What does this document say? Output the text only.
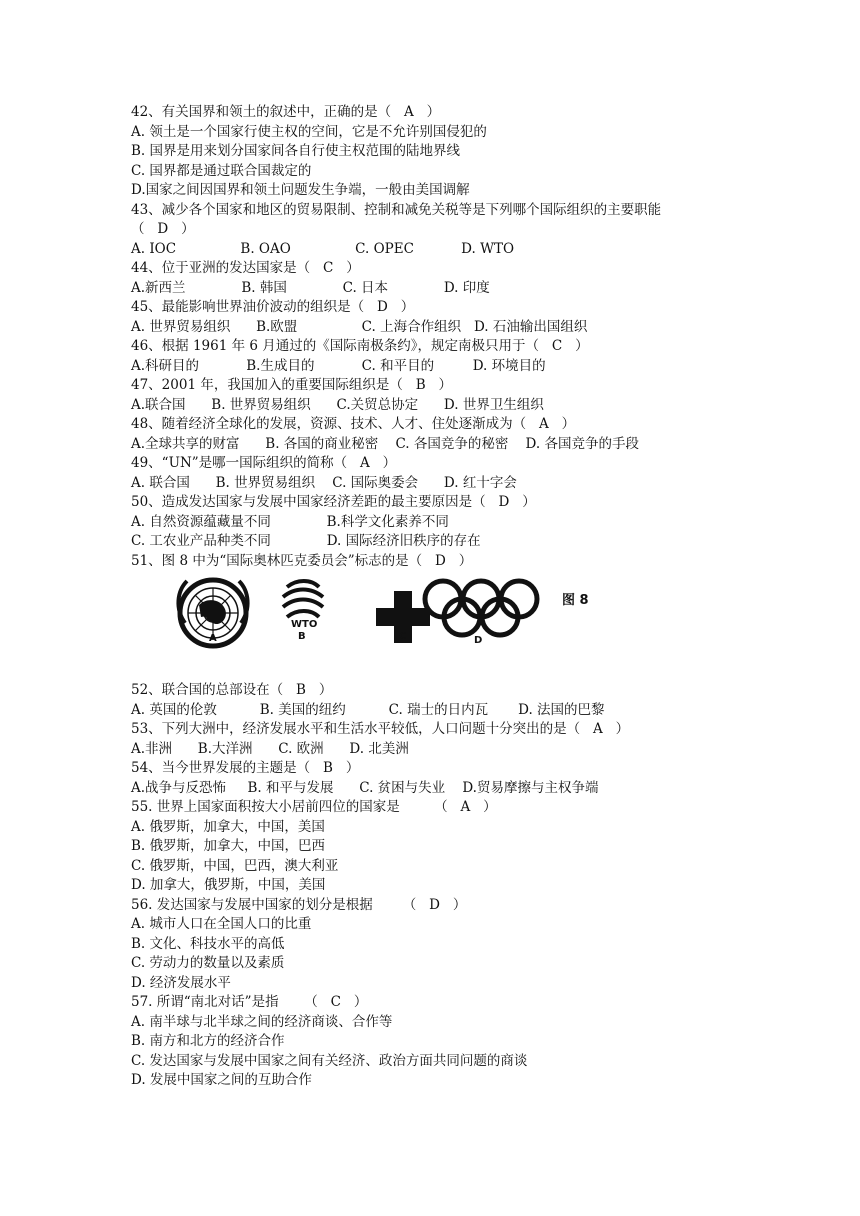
42、有关国界和领土的叙述中，正确的是（   A   ）
A. 领土是一个国家行使主权的空间，它是不允许别国侵犯的
B. 国界是用来划分国家间各自行使主权范围的陆地界线
C. 国界都是通过联合国裁定的
D.国家之间因国界和领土问题发生争端，一般由美国调解
43、减少各个国家和地区的贸易限制、控制和减免关税等是下列哪个国际组织的主要职能
（   D   ）
A. IOC               B. OAO               C. OPEC           D. WTO
44、位于亚洲的发达国家是（   C   ）
A.新西兰             B. 韩国             C. 日本             D. 印度
45、最能影响世界油价波动的组织是（   D   ）
A. 世界贸易组织      B.欧盟               C. 上海合作组织   D. 石油输出国组织
46、根据 1961 年 6 月通过的《国际南极条约》，规定南极只用于（   C   ）
A.科研目的           B.生成目的           C. 和平目的         D. 环境目的
47、2001 年，我国加入的重要国际组织是（   B   ）
A.联合国      B. 世界贸易组织      C.关贸总协定      D. 世界卫生组织
48、随着经济全球化的发展，资源、技术、人才、住处逐渐成为（   A   ）
A.全球共享的财富      B. 各国的商业秘密    C. 各国竞争的秘密    D. 各国竞争的手段
49、“UN”是哪一国际组织的简称（   A   ）
A. 联合国      B. 世界贸易组织    C. 国际奥委会      D. 红十字会
50、造成发达国家与发展中国家经济差距的最主要原因是（   D   ）
A. 自然资源蕴藏量不同             B.科学文化素养不同
C. 工农业产品种类不同             D. 国际经济旧秩序的存在
51、图 8 中为“国际奥林匹克委员会”标志的是（   D   ）
A
WTO
B	C	D
图 8
52、联合国的总部设在（   B   ）
A. 英国的伦敦          B. 美国的纽约          C. 瑞士的日内瓦       D. 法国的巴黎
53、下列大洲中，经济发展水平和生活水平较低，人口问题十分突出的是（   A   ）
A.非洲      B.大洋洲      C. 欧洲      D. 北美洲
54、当今世界发展的主题是（   B   ）
A.战争与反恐怖     B. 和平与发展      C. 贫困与失业    D.贸易摩擦与主权争端
55. 世界上国家面积按大小居前四位的国家是        （   A   ）
A. 俄罗斯，加拿大，中国，美国
B. 俄罗斯，加拿大，中国，巴西
C. 俄罗斯，中国，巴西，澳大利亚
D. 加拿大，俄罗斯，中国，美国
56. 发达国家与发展中国家的划分是根据       （   D   ）
A. 城市人口在全国人口的比重
B. 文化、科技水平的高低
C. 劳动力的数量以及素质
D. 经济发展水平
57. 所谓“南北对话”是指      （   C   ）
A. 南半球与北半球之间的经济商谈、合作等
B. 南方和北方的经济合作
C. 发达国家与发展中国家之间有关经济、政治方面共同问题的商谈
D. 发展中国家之间的互助合作
